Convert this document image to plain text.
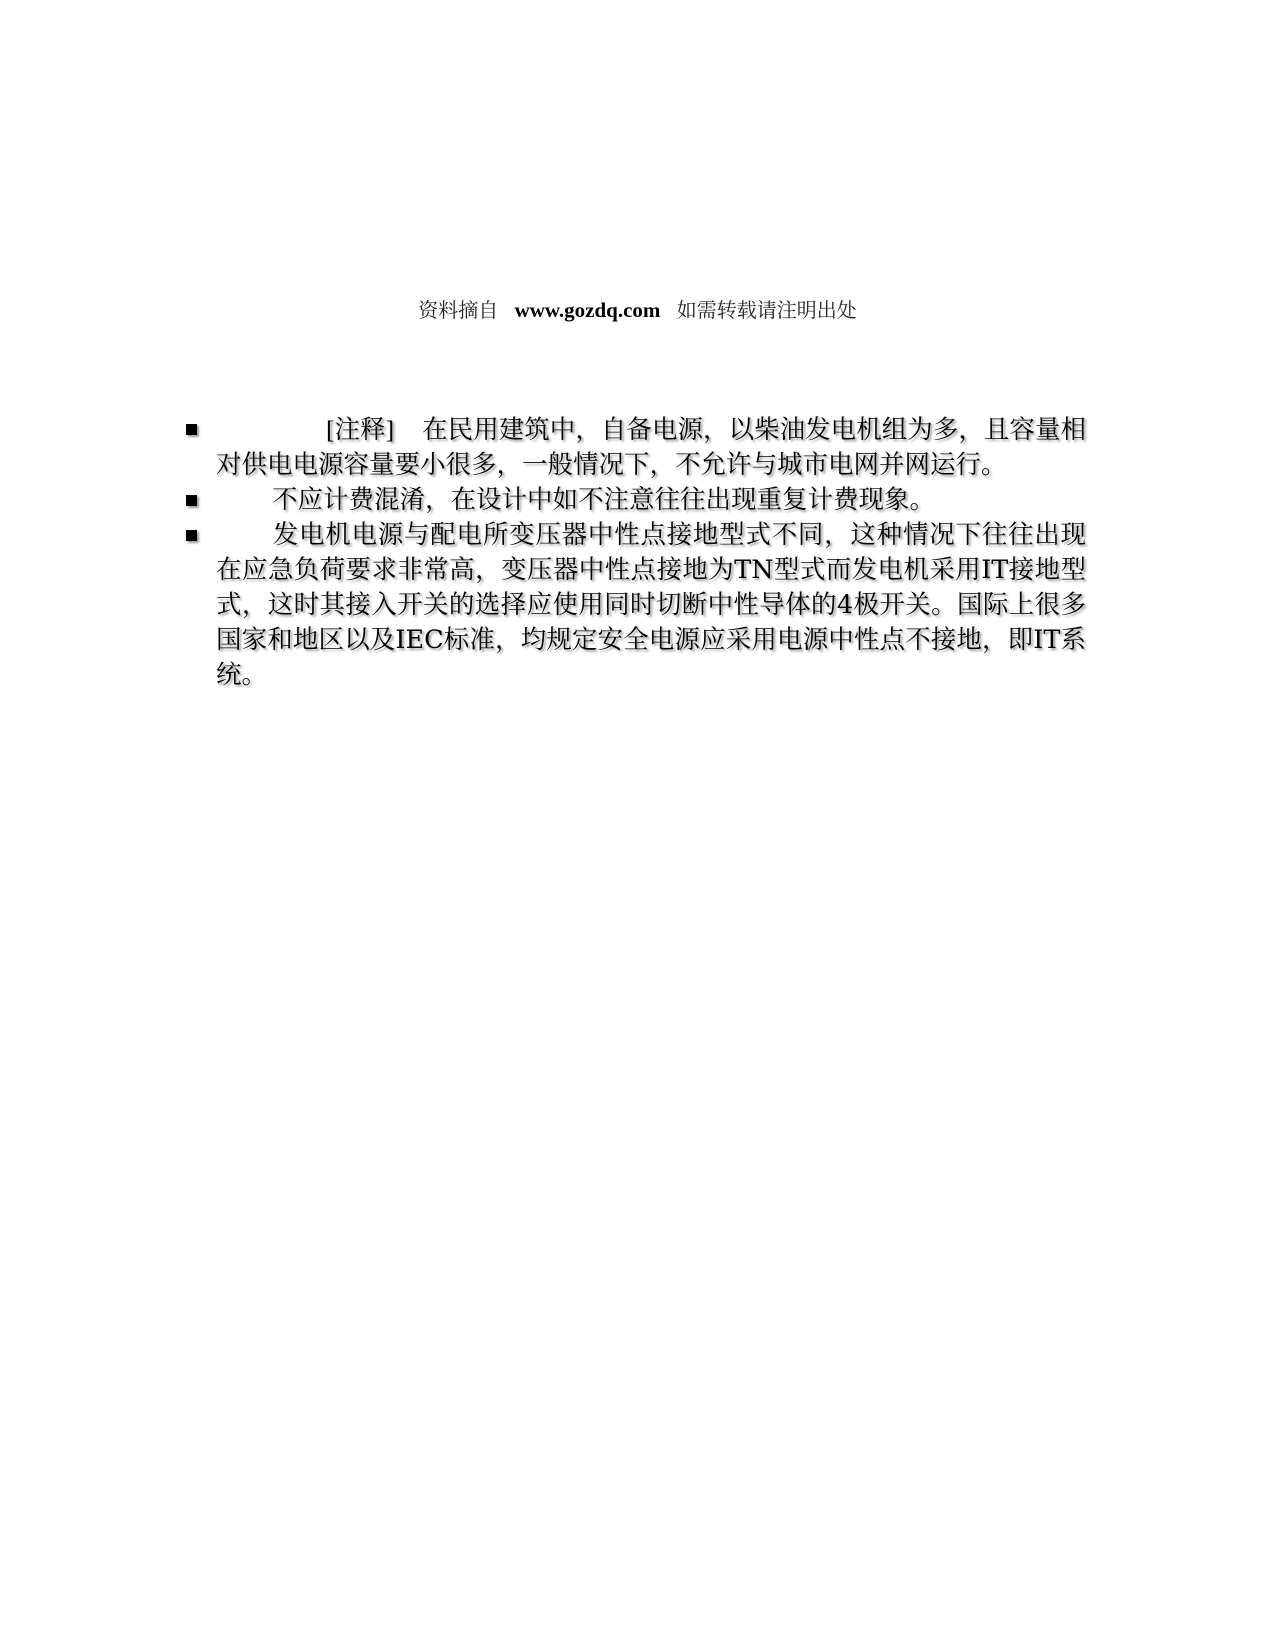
资料摘自 www.gozdq.com 如需转载请注明出处
[注释] 在民用建筑中，自备电源，以柴油发电机组为多，且容量相对供电电源容量要小很多，一般情况下，不允许与城市电网并网运行。
不应计费混淆，在设计中如不注意往往出现重复计费现象。
发电机电源与配电所变压器中性点接地型式不同，这种情况下往往出现在应急负荷要求非常高，变压器中性点接地为TN型式而发电机采用IT接地型式，这时其接入开关的选择应使用同时切断中性导体的4极开关。国际上很多国家和地区以及IEC标准，均规定安全电源应采用电源中性点不接地，即IT系统。
